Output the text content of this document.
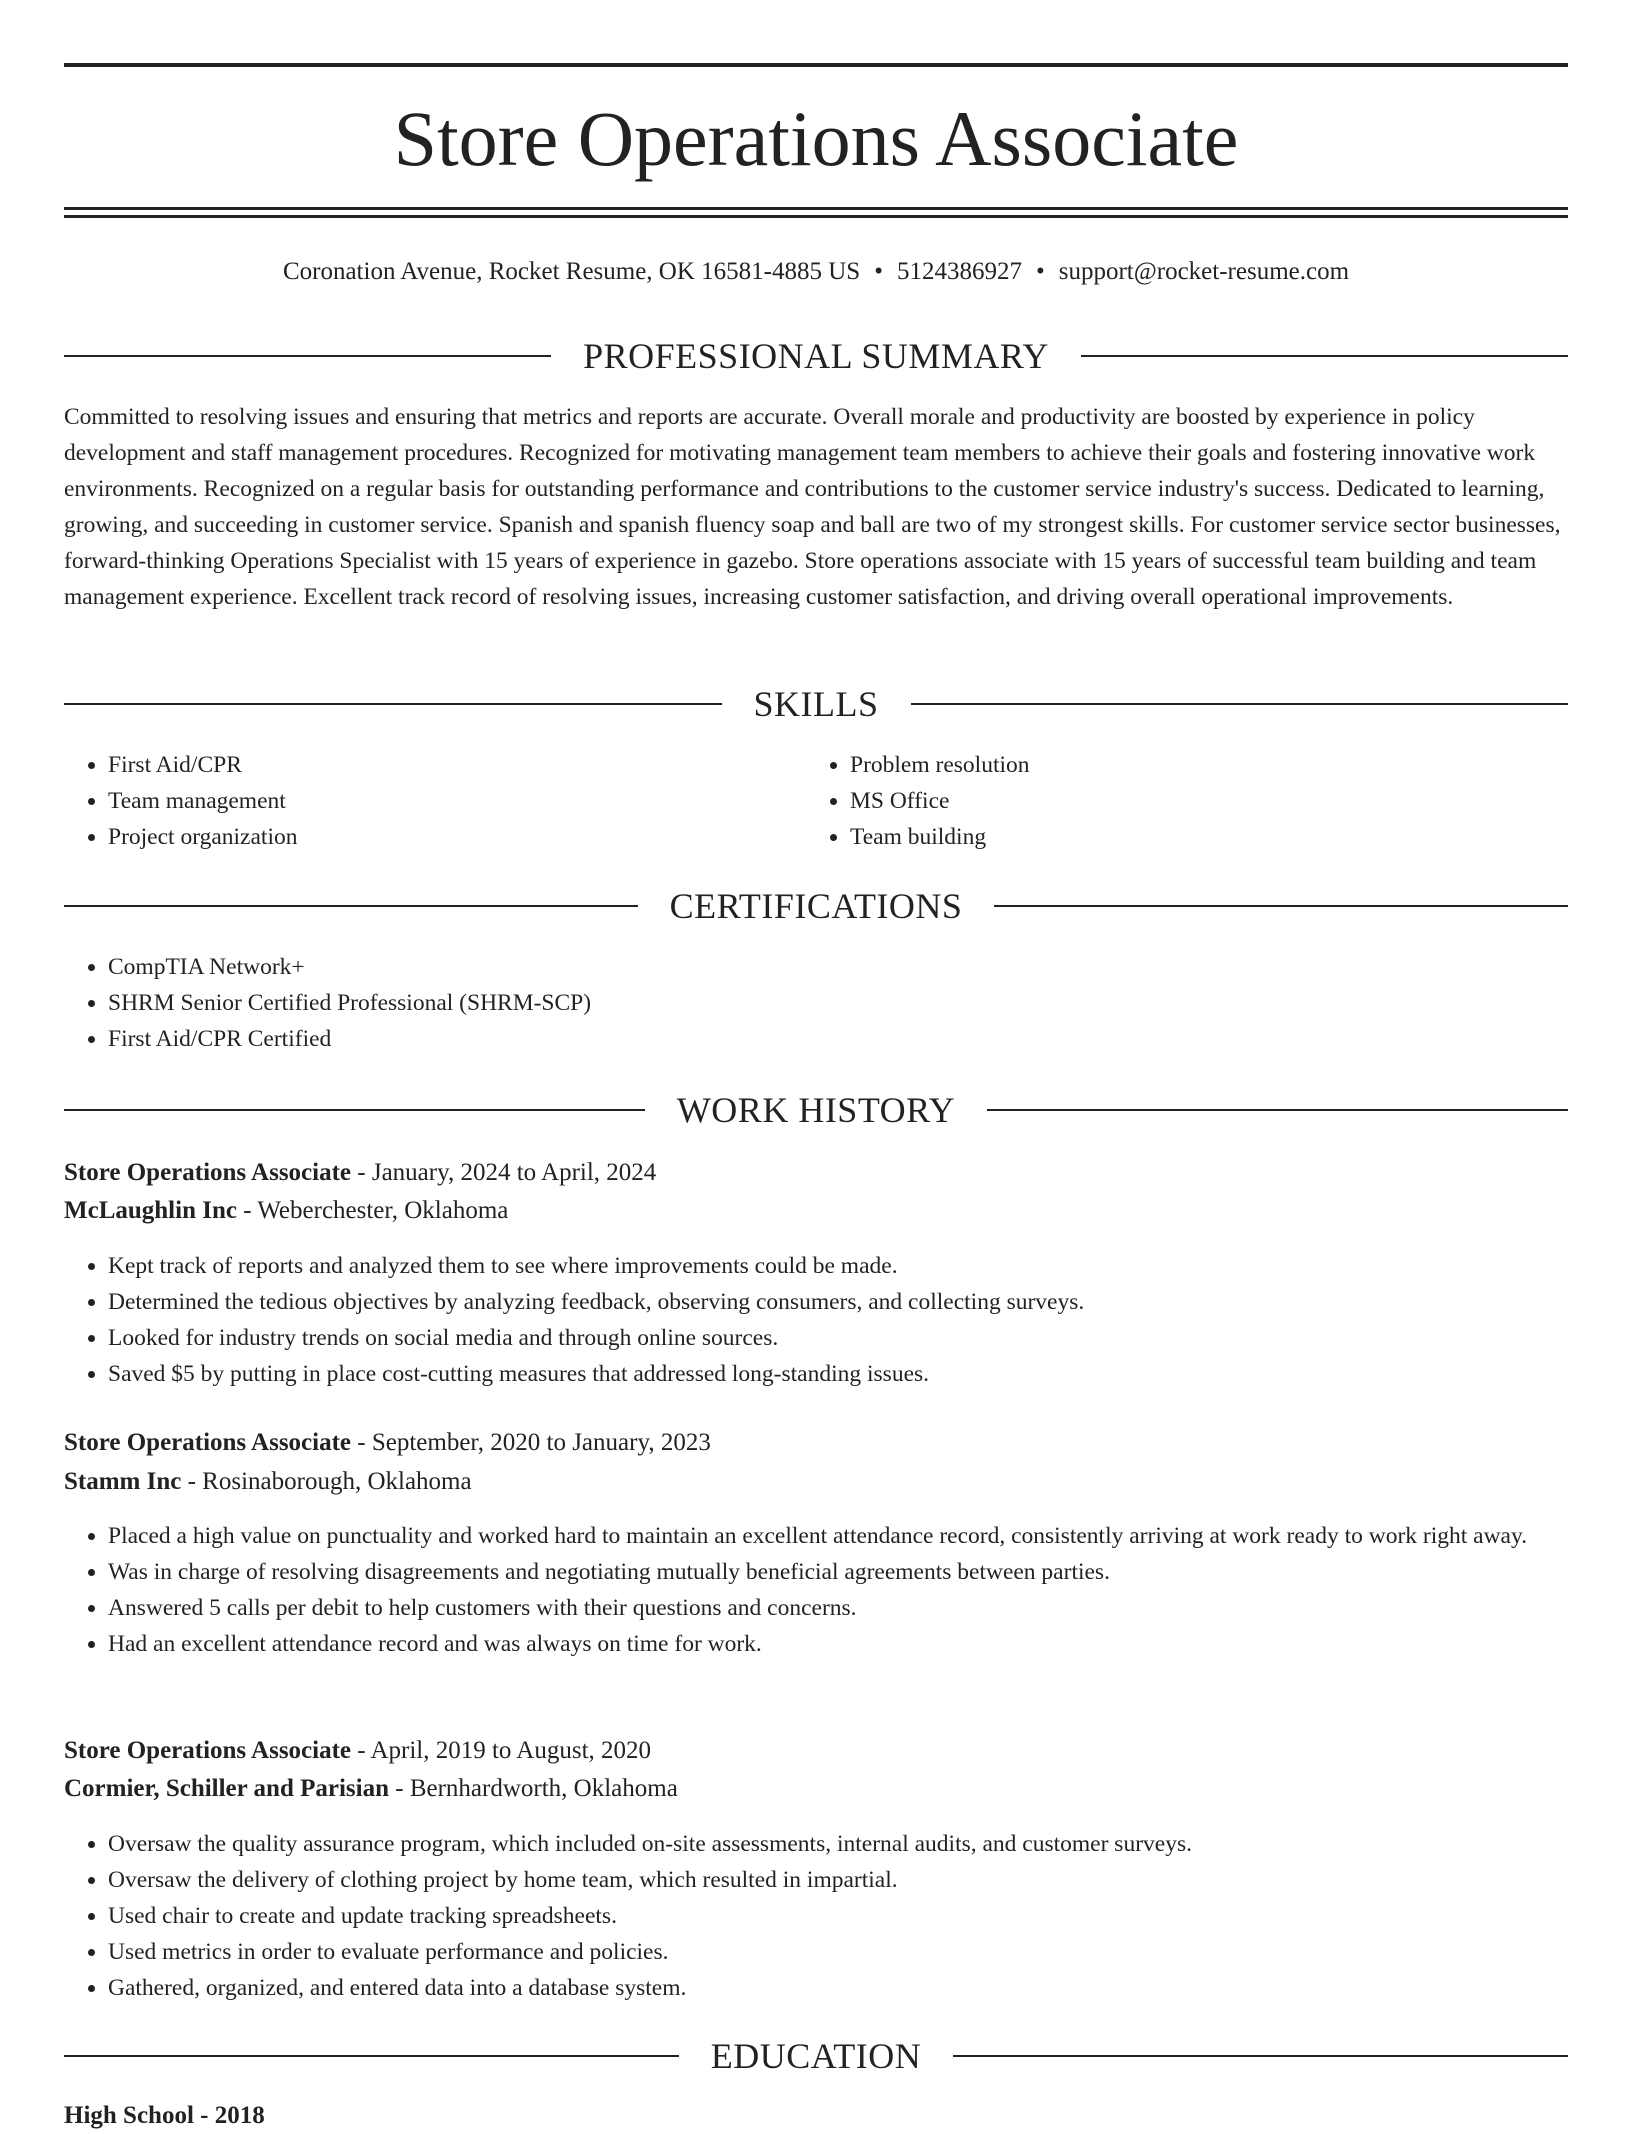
Store Operations Associate
Coronation Avenue, Rocket Resume, OK 16581-4885 US • 5124386927 • support@rocket-resume.com
PROFESSIONAL SUMMARY

Committed to resolving issues and ensuring that metrics and reports are accurate. Overall morale and productivity are boosted by experience in policy development and staff management procedures. Recognized for motivating management team members to achieve their goals and fostering innovative work environments. Recognized on a regular basis for outstanding performance and contributions to the customer service industry's success. Dedicated to learning, growing, and succeeding in customer service. Spanish and spanish fluency soap and ball are two of my strongest skills. For customer service sector businesses, forward-thinking Operations Specialist with 15 years of experience in gazebo. Store operations associate with 15 years of successful team building and team management experience. Excellent track record of resolving issues, increasing customer satisfaction, and driving overall operational improvements.

SKILLS
• First Aid/CPR
• Team management
• Project organization
• Problem resolution
• MS Office
• Team building
CERTIFICATIONS
• CompTIA Network+
• SHRM Senior Certified Professional (SHRM-SCP)
• First Aid/CPR Certified
WORK HISTORY
Store Operations Associate - January, 2024 to April, 2024
McLaughlin Inc - Weberchester, Oklahoma
• Kept track of reports and analyzed them to see where improvements could be made.
• Determined the tedious objectives by analyzing feedback, observing consumers, and collecting surveys.
• Looked for industry trends on social media and through online sources.
• Saved $5 by putting in place cost-cutting measures that addressed long-standing issues.
Store Operations Associate - September, 2020 to January, 2023
Stamm Inc - Rosinaborough, Oklahoma
• Placed a high value on punctuality and worked hard to maintain an excellent attendance record, consistently arriving at work ready to work right away.
• Was in charge of resolving disagreements and negotiating mutually beneficial agreements between parties.
• Answered 5 calls per debit to help customers with their questions and concerns.
• Had an excellent attendance record and was always on time for work.
Store Operations Associate - April, 2019 to August, 2020
Cormier, Schiller and Parisian - Bernhardworth, Oklahoma
• Oversaw the quality assurance program, which included on-site assessments, internal audits, and customer surveys.
• Oversaw the delivery of clothing project by home team, which resulted in impartial.
• Used chair to create and update tracking spreadsheets.
• Used metrics in order to evaluate performance and policies.
• Gathered, organized, and entered data into a database system.
EDUCATION
High School - 2018
